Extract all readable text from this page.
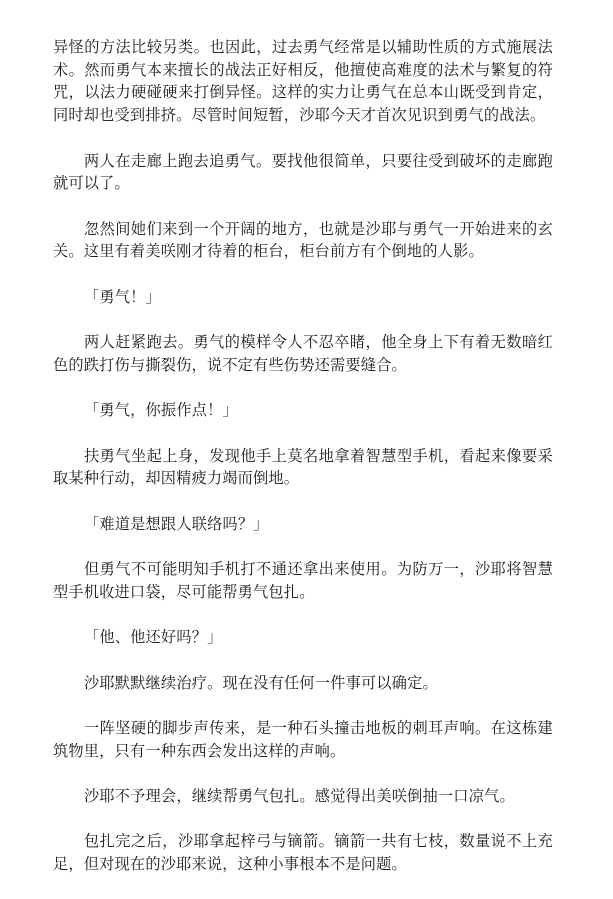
异怪的方法比较另类。也因此，过去勇气经常是以辅助性质的方式施展法术。然而勇气本来擅长的战法正好相反，他擅使高难度的法术与繁复的符咒，以法力硬碰硬来打倒异怪。这样的实力让勇气在总本山既受到肯定，同时却也受到排挤。尽管时间短暂，沙耶今天才首次见识到勇气的战法。

两人在走廊上跑去追勇气。要找他很简单，只要往受到破坏的走廊跑就可以了。

忽然间她们来到一个开阔的地方，也就是沙耶与勇气一开始进来的玄关。这里有着美咲刚才待着的柜台，柜台前方有个倒地的人影。

「勇气！」

两人赶紧跑去。勇气的模样令人不忍卒睹，他全身上下有着无数暗红色的跌打伤与撕裂伤，说不定有些伤势还需要缝合。

「勇气，你振作点！」

扶勇气坐起上身，发现他手上莫名地拿着智慧型手机，看起来像要采取某种行动，却因精疲力竭而倒地。

「难道是想跟人联络吗？」

但勇气不可能明知手机打不通还拿出来使用。为防万一，沙耶将智慧型手机收进口袋，尽可能帮勇气包扎。

「他、他还好吗？」

沙耶默默继续治疗。现在没有任何一件事可以确定。

一阵坚硬的脚步声传来，是一种石头撞击地板的刺耳声响。在这栋建筑物里，只有一种东西会发出这样的声响。

沙耶不予理会，继续帮勇气包扎。感觉得出美咲倒抽一口凉气。

包扎完之后，沙耶拿起梓弓与镝箭。镝箭一共有七枝，数量说不上充足，但对现在的沙耶来说，这种小事根本不是问题。
